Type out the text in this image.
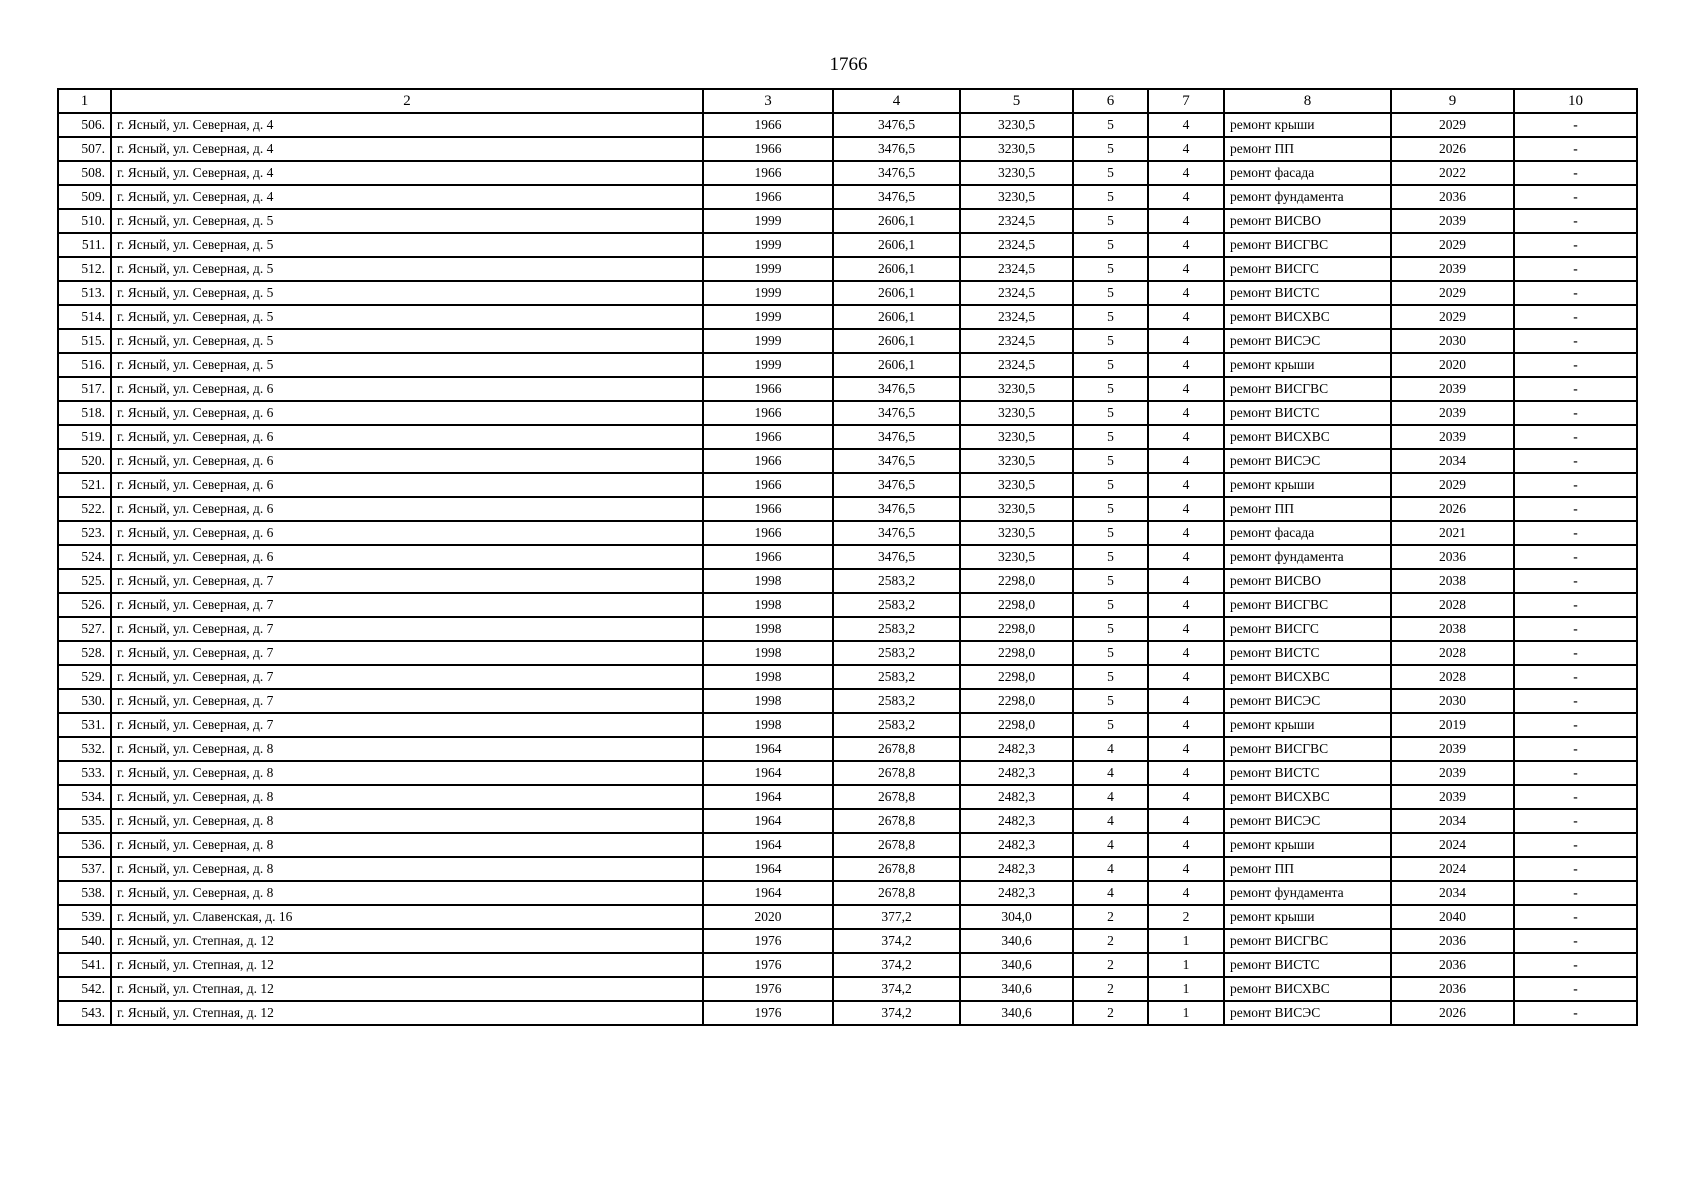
1766
1	2	3	4	5	6	7	8	9	10
506.	г. Ясный, ул. Северная, д. 4	1966	3476,5	3230,5	5	4	ремонт крыши	2029	-
507.	г. Ясный, ул. Северная, д. 4	1966	3476,5	3230,5	5	4	ремонт ПП	2026	-
508.	г. Ясный, ул. Северная, д. 4	1966	3476,5	3230,5	5	4	ремонт фасада	2022	-
509.	г. Ясный, ул. Северная, д. 4	1966	3476,5	3230,5	5	4	ремонт фундамента	2036	-
510.	г. Ясный, ул. Северная, д. 5	1999	2606,1	2324,5	5	4	ремонт ВИСВО	2039	-
511.	г. Ясный, ул. Северная, д. 5	1999	2606,1	2324,5	5	4	ремонт ВИСГВС	2029	-
512.	г. Ясный, ул. Северная, д. 5	1999	2606,1	2324,5	5	4	ремонт ВИСГС	2039	-
513.	г. Ясный, ул. Северная, д. 5	1999	2606,1	2324,5	5	4	ремонт ВИСТС	2029	-
514.	г. Ясный, ул. Северная, д. 5	1999	2606,1	2324,5	5	4	ремонт ВИСХВС	2029	-
515.	г. Ясный, ул. Северная, д. 5	1999	2606,1	2324,5	5	4	ремонт ВИСЭС	2030	-
516.	г. Ясный, ул. Северная, д. 5	1999	2606,1	2324,5	5	4	ремонт крыши	2020	-
517.	г. Ясный, ул. Северная, д. 6	1966	3476,5	3230,5	5	4	ремонт ВИСГВС	2039	-
518.	г. Ясный, ул. Северная, д. 6	1966	3476,5	3230,5	5	4	ремонт ВИСТС	2039	-
519.	г. Ясный, ул. Северная, д. 6	1966	3476,5	3230,5	5	4	ремонт ВИСХВС	2039	-
520.	г. Ясный, ул. Северная, д. 6	1966	3476,5	3230,5	5	4	ремонт ВИСЭС	2034	-
521.	г. Ясный, ул. Северная, д. 6	1966	3476,5	3230,5	5	4	ремонт крыши	2029	-
522.	г. Ясный, ул. Северная, д. 6	1966	3476,5	3230,5	5	4	ремонт ПП	2026	-
523.	г. Ясный, ул. Северная, д. 6	1966	3476,5	3230,5	5	4	ремонт фасада	2021	-
524.	г. Ясный, ул. Северная, д. 6	1966	3476,5	3230,5	5	4	ремонт фундамента	2036	-
525.	г. Ясный, ул. Северная, д. 7	1998	2583,2	2298,0	5	4	ремонт ВИСВО	2038	-
526.	г. Ясный, ул. Северная, д. 7	1998	2583,2	2298,0	5	4	ремонт ВИСГВС	2028	-
527.	г. Ясный, ул. Северная, д. 7	1998	2583,2	2298,0	5	4	ремонт ВИСГС	2038	-
528.	г. Ясный, ул. Северная, д. 7	1998	2583,2	2298,0	5	4	ремонт ВИСТС	2028	-
529.	г. Ясный, ул. Северная, д. 7	1998	2583,2	2298,0	5	4	ремонт ВИСХВС	2028	-
530.	г. Ясный, ул. Северная, д. 7	1998	2583,2	2298,0	5	4	ремонт ВИСЭС	2030	-
531.	г. Ясный, ул. Северная, д. 7	1998	2583,2	2298,0	5	4	ремонт крыши	2019	-
532.	г. Ясный, ул. Северная, д. 8	1964	2678,8	2482,3	4	4	ремонт ВИСГВС	2039	-
533.	г. Ясный, ул. Северная, д. 8	1964	2678,8	2482,3	4	4	ремонт ВИСТС	2039	-
534.	г. Ясный, ул. Северная, д. 8	1964	2678,8	2482,3	4	4	ремонт ВИСХВС	2039	-
535.	г. Ясный, ул. Северная, д. 8	1964	2678,8	2482,3	4	4	ремонт ВИСЭС	2034	-
536.	г. Ясный, ул. Северная, д. 8	1964	2678,8	2482,3	4	4	ремонт крыши	2024	-
537.	г. Ясный, ул. Северная, д. 8	1964	2678,8	2482,3	4	4	ремонт ПП	2024	-
538.	г. Ясный, ул. Северная, д. 8	1964	2678,8	2482,3	4	4	ремонт фундамента	2034	-
539.	г. Ясный, ул. Славенская, д. 16	2020	377,2	304,0	2	2	ремонт крыши	2040	-
540.	г. Ясный, ул. Степная, д. 12	1976	374,2	340,6	2	1	ремонт ВИСГВС	2036	-
541.	г. Ясный, ул. Степная, д. 12	1976	374,2	340,6	2	1	ремонт ВИСТС	2036	-
542.	г. Ясный, ул. Степная, д. 12	1976	374,2	340,6	2	1	ремонт ВИСХВС	2036	-
543.	г. Ясный, ул. Степная, д. 12	1976	374,2	340,6	2	1	ремонт ВИСЭС	2026	-
